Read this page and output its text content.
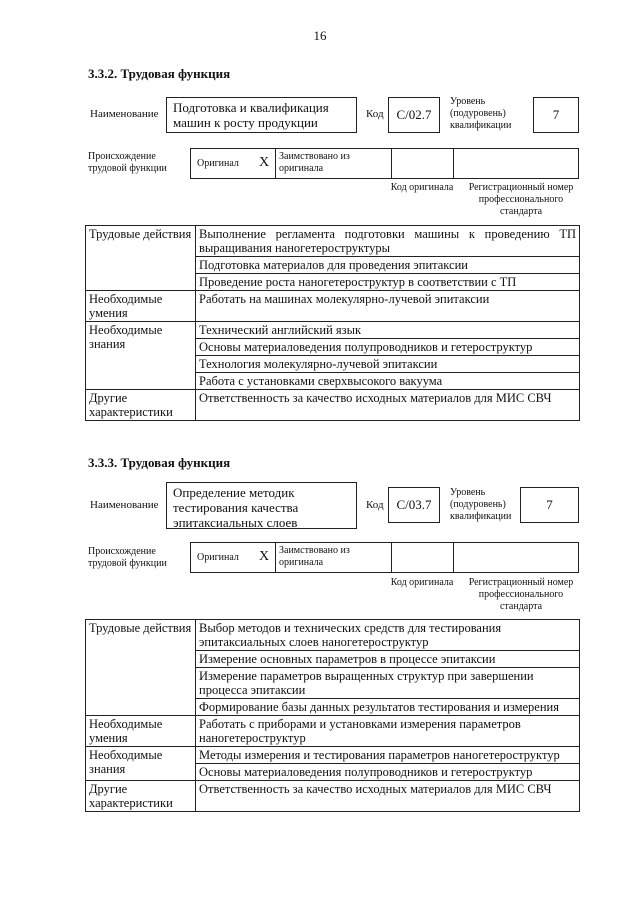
16
3.3.2. Трудовая функция
Наименование	Подготовка и квалификация машин к росту продукции
Код C/02.7
Уровень (подуровень) квалификации
7
Происхождение трудовой функции	Оригинал X Заимствовано из оригинала
Код оригинала	Регистрационный номер профессионального стандарта
Трудовые действия	Выполнение регламента подготовки машины к проведению ТП выращивания наногетероструктуры
	Подготовка материалов для проведения эпитаксии
	Проведение роста наногетероструктур в соответствии с ТП
Необходимые умения	Работать на машинах молекулярно-лучевой эпитаксии
Необходимые знания	Технический английский язык
	Основы материаловедения полупроводников и гетероструктур
	Технология молекулярно-лучевой эпитаксии
	Работа с установками сверхвысокого вакуума
Другие характеристики	Ответственность за качество исходных материалов для МИС СВЧ
3.3.3. Трудовая функция
Наименование
Определение методик тестирования качества эпитаксиальных слоев
Код C/03.7
Уровень (подуровень) квалификации
7
Происхождение трудовой функции
Оригинал X Заимствовано из оригинала
Код оригинала	Регистрационный номер профессионального стандарта
Трудовые действия	Выбор методов и технических средств для тестирования эпитаксиальных слоев наногетероструктур
	Измерение основных параметров в процессе эпитаксии
	Измерение параметров выращенных структур при завершении процесса эпитаксии
	Формирование базы данных результатов тестирования и измерения
Необходимые умения	Работать с приборами и установками измерения параметров наногетероструктур
Необходимые знания	Методы измерения и тестирования параметров наногетероструктур
	Основы материаловедения полупроводников и гетероструктур
Другие характеристики	Ответственность за качество исходных материалов для МИС СВЧ
